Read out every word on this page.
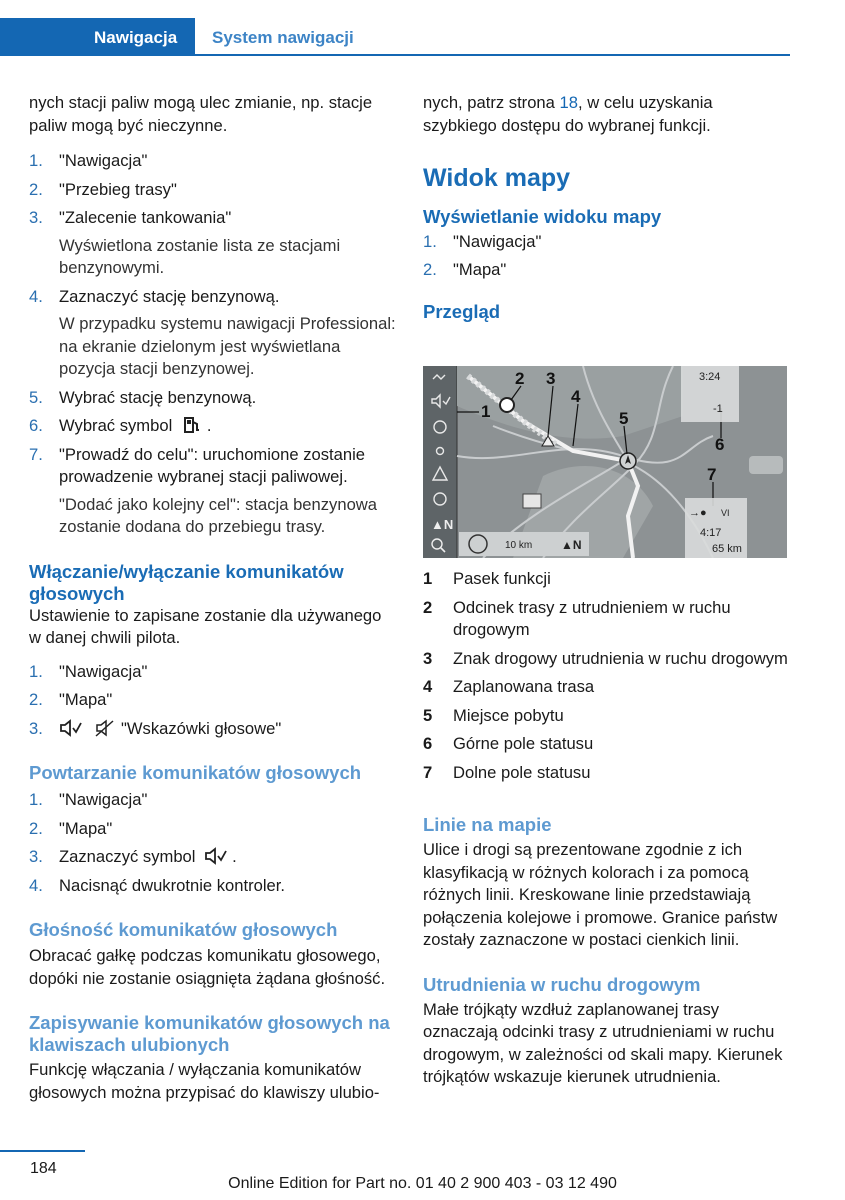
Nawigacja System nawigacji

nych stacji paliw mogą ulec zmianie, np. stacje paliw mogą być nieczynne.

1. "Nawigacja"
2. "Przebieg trasy"
3. "Zalecenie tankowania"

Wyświetlona zostanie lista ze stacjami benzynowymi.

4. Zaznaczyć stację benzynową.

W przypadku systemu nawigacji Professional: na ekranie dzielonym jest wyświetlana pozycja stacji benzynowej.

5. Wybrać stację benzynową.
6. Wybrać symbol .
7. "Prowadź do celu": uruchomione zostanie prowadzenie wybranej stacji paliwowej.

"Dodać jako kolejny cel": stacja benzynowa zostanie dodana do przebiegu trasy.

Włączanie/wyłączanie komunikatów głosowych

Ustawienie to zapisane zostanie dla używanego w danej chwili pilota.

1. "Nawigacja"
2. "Mapa"
3.	"Wskazówki głosowe"
Powtarzanie komunikatów głosowych
1. "Nawigacja"
2. "Mapa"
3. Zaznaczyć symbol .
4. Nacisnąć dwukrotnie kontroler.
Głośność komunikatów głosowych

Obracać gałkę podczas komunikatu głosowego, dopóki nie zostanie osiągnięta żądana głośność.

Zapisywanie komunikatów głosowych na klawiszach ulubionych

Funkcję włączania / wyłączania komunikatów głosowych można przypisać do klawiszy ulubio-

nych, patrz strona 18, w celu uzyskania szybkiego dostępu do wybranej funkcji.

Widok mapy
Wyświetlanie widoku mapy
1. "Nawigacja"
2. "Mapa"
Przegląd
▲N
1
2 3
4
5
6
7
3:24
-1
→● VI
4:17
65 km
10 km ▲N
1 Pasek funkcji
2 Odcinek trasy z utrudnieniem w ruchu drogowym
3 Znak drogowy utrudnienia w ruchu drogowym
4 Zaplanowana trasa
5 Miejsce pobytu
6 Górne pole statusu
7 Dolne pole statusu
Linie na mapie

Ulice i drogi są prezentowane zgodnie z ich klasyfikacją w różnych kolorach i za pomocą różnych linii. Kreskowane linie przedstawiają połączenia kolejowe i promowe. Granice państw zostały zaznaczone w postaci cienkich linii.

Utrudnienia w ruchu drogowym

Małe trójkąty wzdłuż zaplanowanej trasy oznaczają odcinki trasy z utrudnieniami w ruchu drogowym, w zależności od skali mapy. Kierunek trójkątów wskazuje kierunek utrudnienia.

184
Online Edition for Part no. 01 40 2 900 403 - 03 12 490
